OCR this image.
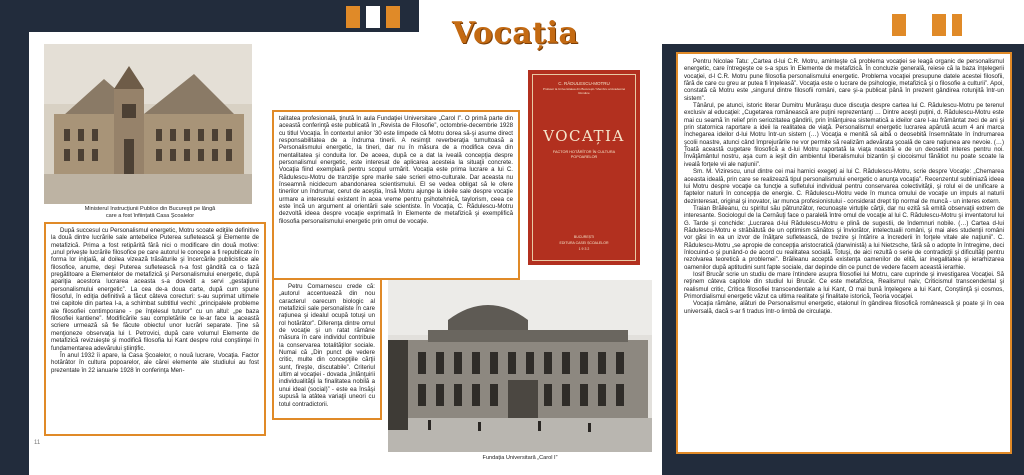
Vocația
Ministerul Instrucțiunii Publice din București pe lângă care a fost înființată Casa Școalelor

După succesul cu Personalismul energetic, Motru scoate ediţiile definitive la două dintre lucrările sale antebelice Puterea sufletească şi Elemente de metafizică. Prima a fost retipărită fără nici o modificare din două motive: „unul priveşte lucrările filosofice pe care autorul le concepe a fi republicate în forma lor iniţială, al doilea vizează trăsăturile şi încercările publicistice ale filosofice, anume, deşi Puterea sufletească n-a fost gândită ca o fază pregătitoare a Elementelor de metafizică şi Personalismului energetic, după apariţia acestora lucrarea aceasta s-a dovedit a servi „gestaţiunii personalismului energetic”. La cea de-a doua carte, după cum spune filosoful, în ediţia definitivă a făcut câteva corecturi: s-au suprimat ultimele trei capitole din partea I-a, a schimbat subtitlul vechi: „principalele probleme ale filosofiei contimporane - pe înţelesul tuturor” cu un altul: „pe baza filosofiei kantiene”. Modificările sau completările ce le-ar face la această scriere urmează să fie făcute obiectul unor lucrări separate. Ţine să menţioneze observaţia lui I. Petrovici, după care volumul Elemente de metafizică revizuieşte şi modifică filosofia lui Kant despre rolul conştiinţei în fundamentarea adevărului ştiinţific.

În anul 1932 îi apare, la Casa Şcoalelor, o nouă lucrare, Vocaţia. Factor hotărâtor în cultura popoarelor, ale cărei elemente ale studiului au fost prezentate în 22 ianuarie 1928 în conferinţa Men-

talitatea profesională, ţinută în aula Fundaţiei Universitare „Carol I”. O primă parte din această conferinţă este publicată în „Revista de Filosofie”, octombrie-decembrie 1928 cu titlul Vocaţia. În contextul anilor ’30 este limpede că Motru dorea să-şi asume direct responsabilitatea de a îndruma tinerii. A resimţit reverberaţia tumultoasă a Personalismului energetic, la tineri, dar nu în măsura de a modifica ceva din mentalitatea şi conduita lor. De aceea, după ce a dat la iveală concepţia despre personalismul energetic, este interesat de aplicarea acesteia la situaţii concrete. Vocaţia fiind exemplară pentru scopul urmărit. Vocaţia este prima lucrare a lui C. Rădulescu-Motru de tranziţie spre marile sale scrieri etno-culturale. Dar aceasta nu înseamnă nicidecum abandonarea scientismului. El se vedea obligat să le ofere tinerilor un îndrumar, cerut de aceştia, însă Motru ajunge la ideile sale despre vocaţie urmare a interesului existent în acea vreme pentru psihotehnică, taylorism, ceea ce este încă un argument al orientării sale scientiste. În Vocaţia, C. Rădulescu-Motru dezvoltă ideea despre vocaţie exprimată în Elemente de metafizică şi exemplifică filosofia personalismului energetic prin omul de vocaţie.

Petru Comarnescu crede că: „autorul accentuează din nou caracterul oarecum biologic al metafizicii sale personaliste în care raţiunea şi idealul ocupă totuşi un rol hotărâtor”. Diferenţa dintre omul de vocaţie şi un ratat rămâne măsura în care individul contribuie la conservarea totalităţilor sociale. Numai că „Din punct de vedere critic, multe din concepţiile cărţii sunt, fireşte, discutabile”. Criteriul ultim al vocaţiei - dovada „înlănţuirii individualităţii la finalitatea nobilă a unui ideal (social)” - este ea însăşi supusă la atâtea variaţii uneori cu totul contradictorii.

C. RĂDULESCU-MOTRU
Profesor la Universitatea din București / Membru al Academiei Române
VOCAȚIA
FACTOR HOTĂRÎTOR ÎN CULTURA POPOARELOR
BUCUREȘTI
EDITURA CASEI ȘCOALELOR
1 9 3 2
Fundația Universitară „Carol I”

Pentru Nicolae Tatu: „Cartea d-lui C.R. Motru, aminteşte că problema vocaţiei se leagă organic de personalismul energetic, care întregeşte ce s-a spus în Elemente de metafizică. În concluzie generală, reiese că la baza înţelegerii vocaţiei, d-l C.R. Motru pune filosofia personalismului energetic. Problema vocaţiei presupune datele acestei filosofii, fără de care cu greu ar putea fi înţeleasă”. Vocaţia este o lucrare de psihologie, metafizică şi o filosofie a culturii”. Apoi, constată că Motru este „singurul dintre filosofii români, care şi-a publicat până în prezent gândirea rotunjită într-un sistem”.

Tânărul, pe atunci, istoric literar Dumitru Murăraşu duce discuţia despre cartea lui C. Rădulescu-Motru pe terenul exclusiv al educaţiei: „Cugetarea românească are puţini reprezentanţi … Dintre aceşti puţini, d. Rădulescu-Motru este mai cu seamă în relief prin seriozitatea gândirii, prin înlănţuirea sistematică a ideilor care l-au frământat zeci de ani şi prin statornica raportare a ideii la realitatea de viaţă. Personalismul energetic lucrarea apărută acum 4 ani marca închegarea ideilor d-lui Motru într-un sistem (…) Vocaţia e menită să aibă o deosebită însemnătate în îndrumarea şcolii noastre, atunci când împrejurările ne vor permite să realizăm adevărata şcoală de care naţiunea are nevoie. (…) Toată această cugetare filosofică a d-lui Motru raportată la viaţa noastră e de un deosebit interes pentru noi. Învăţământul nostru, aşa cum a ieşit din ambientul liberalismului bizantin şi ciocoismul fănătiot nu poate scoate la iveală forţele vii ale naţiunii”.

Sm. M. Vizirescu, unul dintre cei mai harnici exegeţi ai lui C. Rădulescu-Motru, scrie despre Vocaţie: „Chemarea aceasta ideală, prin care se realizează tipul personalismului energetic o anunţa vocaţia”. Recenzentul subliniază ideea lui Motru despre vocaţie ca funcţie a sufletului individual pentru conservarea colectivităţii, şi rolul ei de unificare a faptelor naturii în concepţia de energie. C. Rădulescu-Motru vede în munca omului de vocaţie un impuls al naturii dezinteresat, original şi inovator, iar munca profesionistului - considerat drept tip normal de muncă - un interes extern.

Traian Brăileanu, cu spiritul său pătrunzător, recunoaşte virtuţile cărţii, dar nu ezită să emită observaţii extrem de interesante. Sociologul de la Cernăuţi face o paralelă între omul de vocaţie al lui C. Rădulescu-Motru şi inventatorul lui G. Tarde şi conchide: „Lucrarea d-lui Rădulescu-Motru e plină de sugestii, de îndemnuri nobile. (…) Cartea d-lui Rădulescu-Motru e străbătută de un optimism sănătos şi înviorător, intelectualii români, şi mai ales studenţii români vor găsi în ea un izvor de înălţare sufletească, de trezire şi întărire a încrederii în forţele vitale ale naţiunii”. C. Rădulescu-Motru „se apropie de concepţia aristocratică (darwinistă) a lui Nietzsche, fără să o adopte în întregime, deci înlocuind-o şi punând-o de acord cu realitatea socială. Totuşi, de aici rezultă o serie de contradicţii şi dificultăţi pentru rezolvarea teoretică a problemei”. Brăileanu acceptă existenţa oamenilor de elită, iar inegalitatea şi ierarhizarea oamenilor după aptitudini sunt fapte sociale, dar depinde din ce punct de vedere facem această ierarhie.

Iosif Brucăr scrie un studiu de mare întindere asupra filosofiei lui Motru, care cuprinde şi investigarea Vocaţiei. Să reţinem câteva capitole din studiul lui Brucăr. Ce este metafizica, Realismul naiv, Criticismul transcendental şi realismul critic, Critica filosofiei transcendentale a lui Kant, O mai bună înţelegere a lui Kant, Conştiinţă şi cosmos, Primordialismul energetic văzut ca ultima realitate şi finalitate istorică, Teoria vocaţiei.

Vocaţia rămâne, alături de Personalismul energetic, etalonul în gândirea filosofică românească şi poate şi în cea universală, dacă s-ar fi tradus într-o limbă de circulaţie.

11
